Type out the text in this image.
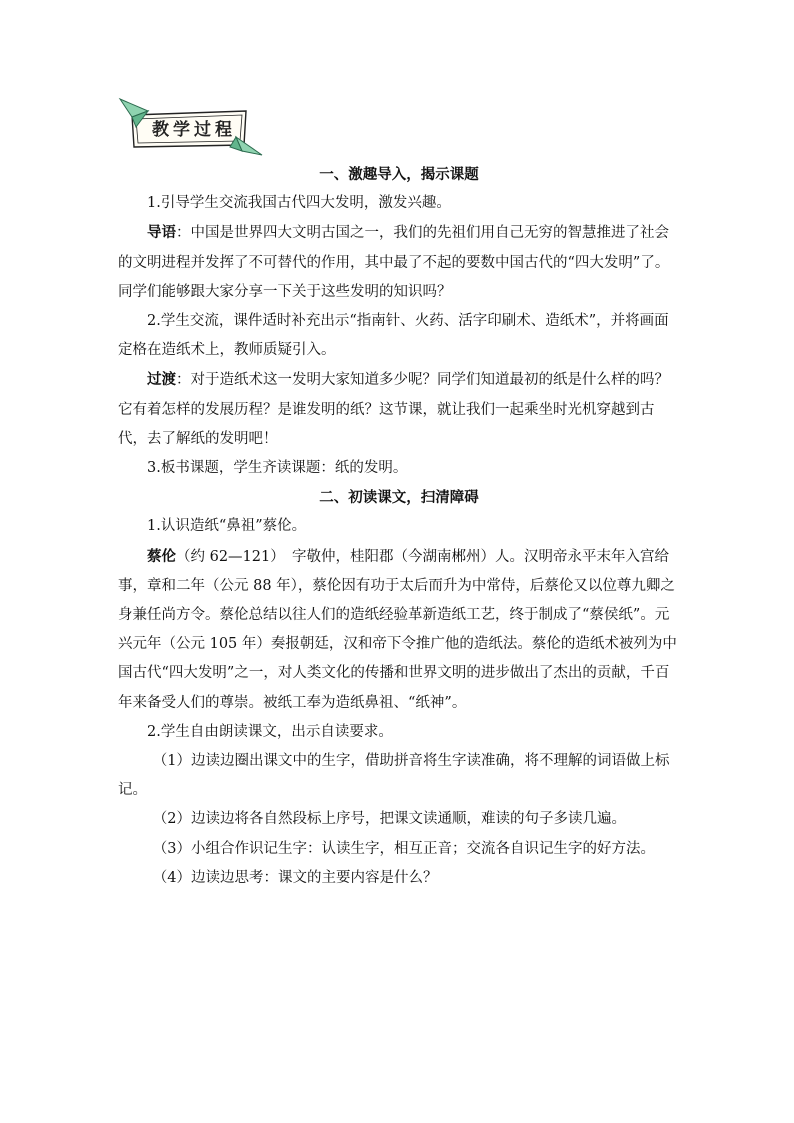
教学过程

一、激趣导入，揭示课题

1.引导学生交流我国古代四大发明，激发兴趣。

导语：中国是世界四大文明古国之一，我们的先祖们用自己无穷的智慧推进了社会的文明进程并发挥了不可替代的作用，其中最了不起的要数中国古代的“四大发明”了。同学们能够跟大家分享一下关于这些发明的知识吗？

2.学生交流，课件适时补充出示“指南针、火药、活字印刷术、造纸术”，并将画面定格在造纸术上，教师质疑引入。

过渡：对于造纸术这一发明大家知道多少呢？同学们知道最初的纸是什么样的吗？它有着怎样的发展历程？是谁发明的纸？这节课，就让我们一起乘坐时光机穿越到古代，去了解纸的发明吧！

3.板书课题，学生齐读课题：纸的发明。

二、初读课文，扫清障碍

1.认识造纸“鼻祖”蔡伦。

蔡伦（约 62—121）　字敬仲，桂阳郡（今湖南郴州）人。汉明帝永平末年入宫给事，章和二年（公元 88 年），蔡伦因有功于太后而升为中常侍，后蔡伦又以位尊九卿之身兼任尚方令。蔡伦总结以往人们的造纸经验革新造纸工艺，终于制成了“蔡侯纸”。元兴元年（公元 105 年）奏报朝廷，汉和帝下令推广他的造纸法。蔡伦的造纸术被列为中国古代“四大发明”之一，对人类文化的传播和世界文明的进步做出了杰出的贡献，千百年来备受人们的尊崇。被纸工奉为造纸鼻祖、“纸神”。

2.学生自由朗读课文，出示自读要求。

（1）边读边圈出课文中的生字，借助拼音将生字读准确，将不理解的词语做上标记。

（2）边读边将各自然段标上序号，把课文读通顺，难读的句子多读几遍。

（3）小组合作识记生字：认读生字，相互正音；交流各自识记生字的好方法。

（4）边读边思考：课文的主要内容是什么？
